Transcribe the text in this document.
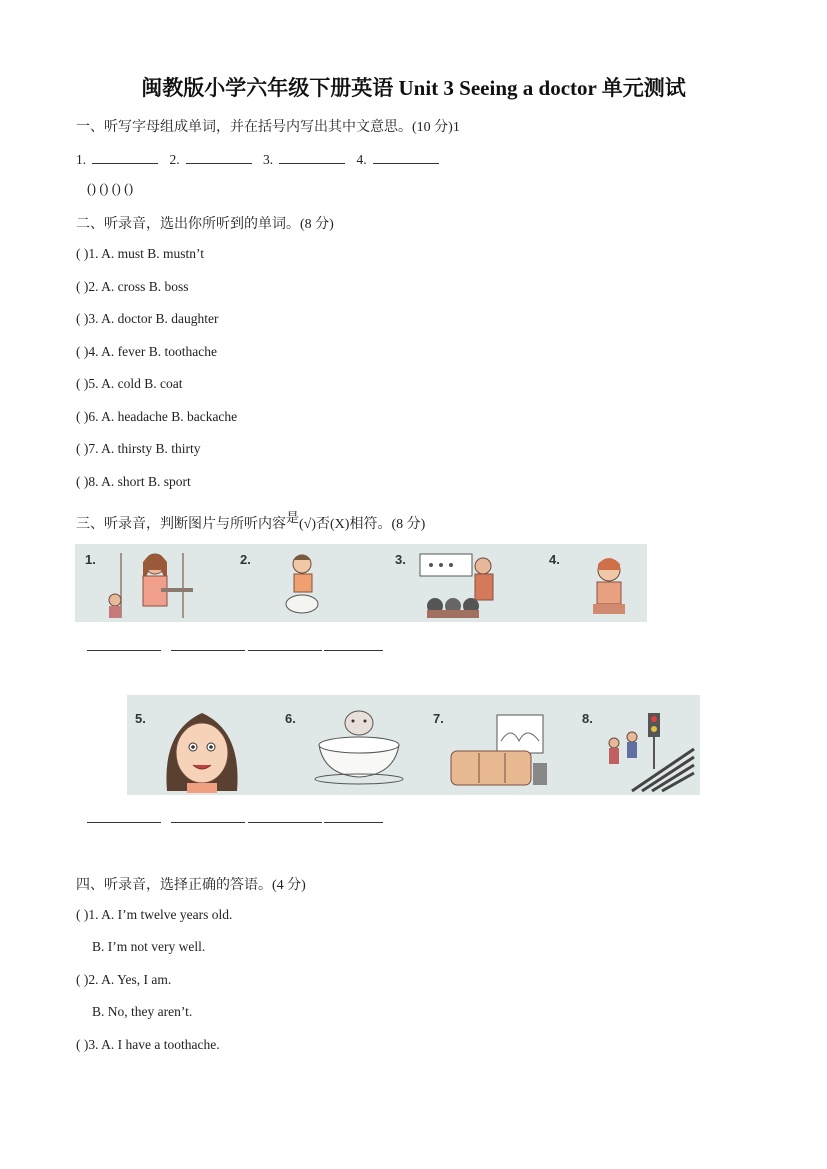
闽教版小学六年级下册英语 Unit 3 Seeing a doctor 单元测试
一、听写字母组成单词，并在括号内写出其中文意思。(10 分)1
1.	2.	3.	4.
() () () ()
二、听录音，选出你所听到的单词。(8 分)
( )1. A. must B. mustn’t
( )2. A. cross B. boss
( )3. A. doctor B. daughter
( )4. A. fever B. toothache
( )5. A. cold B. coat
( )6. A. headache B. backache
( )7. A. thirsty B. thirty
( )8. A. short B. sport
三、听录音，判断图片与所听内容是(√)否(X)相符。(8 分)
1.	2.	3.	4.
5.	6.	7.	8.
四、听录音，选择正确的答语。(4 分)
( )1. A. I’m twelve years old.
B. I’m not very well.
( )2. A. Yes, I am.
B. No, they aren’t.
( )3. A. I have a toothache.
